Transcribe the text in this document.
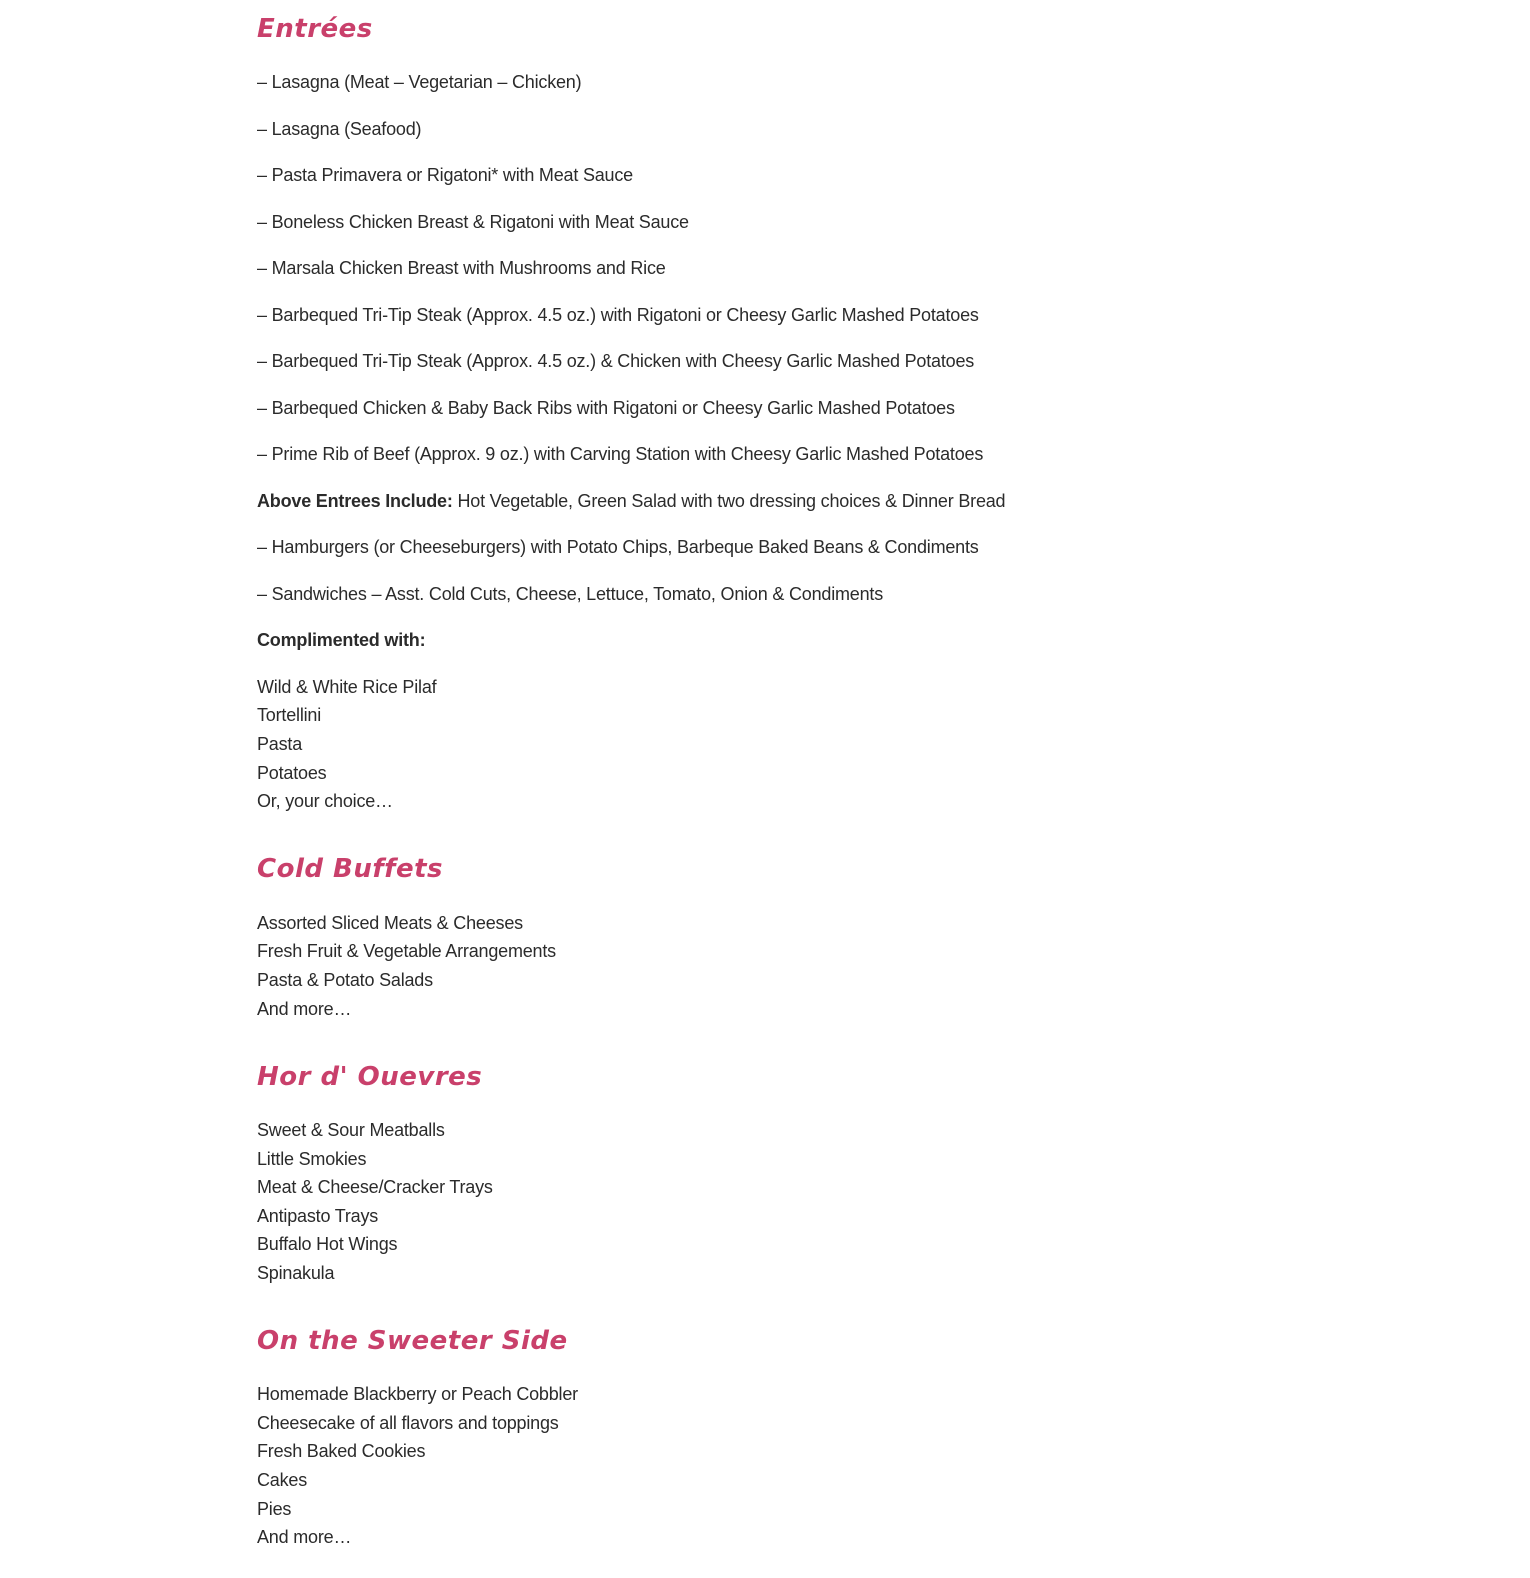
Entrées
– Lasagna (Meat – Vegetarian – Chicken)
– Lasagna (Seafood)
– Pasta Primavera or Rigatoni* with Meat Sauce
– Boneless Chicken Breast & Rigatoni with Meat Sauce
– Marsala Chicken Breast with Mushrooms and Rice
– Barbequed Tri-Tip Steak (Approx. 4.5 oz.) with Rigatoni or Cheesy Garlic Mashed Potatoes
– Barbequed Tri-Tip Steak (Approx. 4.5 oz.) & Chicken with Cheesy Garlic Mashed Potatoes
– Barbequed Chicken & Baby Back Ribs with Rigatoni or Cheesy Garlic Mashed Potatoes
– Prime Rib of Beef (Approx. 9 oz.) with Carving Station with Cheesy Garlic Mashed Potatoes
Above Entrees Include: Hot Vegetable, Green Salad with two dressing choices & Dinner Bread
– Hamburgers (or Cheeseburgers) with Potato Chips, Barbeque Baked Beans & Condiments
– Sandwiches – Asst. Cold Cuts, Cheese, Lettuce, Tomato, Onion & Condiments
Complimented with:
Wild & White Rice Pilaf
Tortellini
Pasta
Potatoes
Or, your choice…
Cold Buffets
Assorted Sliced Meats & Cheeses
Fresh Fruit & Vegetable Arrangements
Pasta & Potato Salads
And more…
Hor d' Ouevres
Sweet & Sour Meatballs
Little Smokies
Meat & Cheese/Cracker Trays
Antipasto Trays
Buffalo Hot Wings
Spinakula
On the Sweeter Side
Homemade Blackberry or Peach Cobbler
Cheesecake of all flavors and toppings
Fresh Baked Cookies
Cakes
Pies
And more…
